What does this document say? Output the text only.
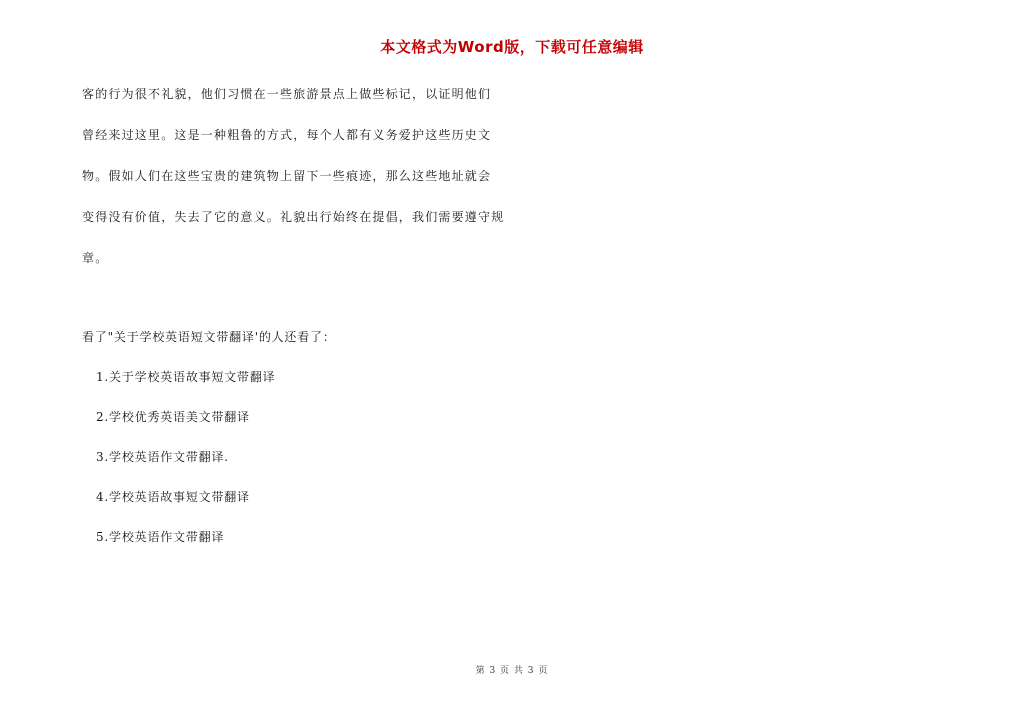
本文格式为Word版，下载可任意编辑
客的行为很不礼貌，他们习惯在一些旅游景点上做些标记，以证明他们
曾经来过这里。这是一种粗鲁的方式，每个人都有义务爱护这些历史文
物。假如人们在这些宝贵的建筑物上留下一些痕迹，那么这些地址就会
变得没有价值，失去了它的意义。礼貌出行始终在提倡，我们需要遵守规
章。
看了"关于学校英语短文带翻译'的人还看了：
1.关于学校英语故事短文带翻译
2.学校优秀英语美文带翻译
3.学校英语作文带翻译.
4.学校英语故事短文带翻译
5.学校英语作文带翻译
第 3 页 共 3 页
